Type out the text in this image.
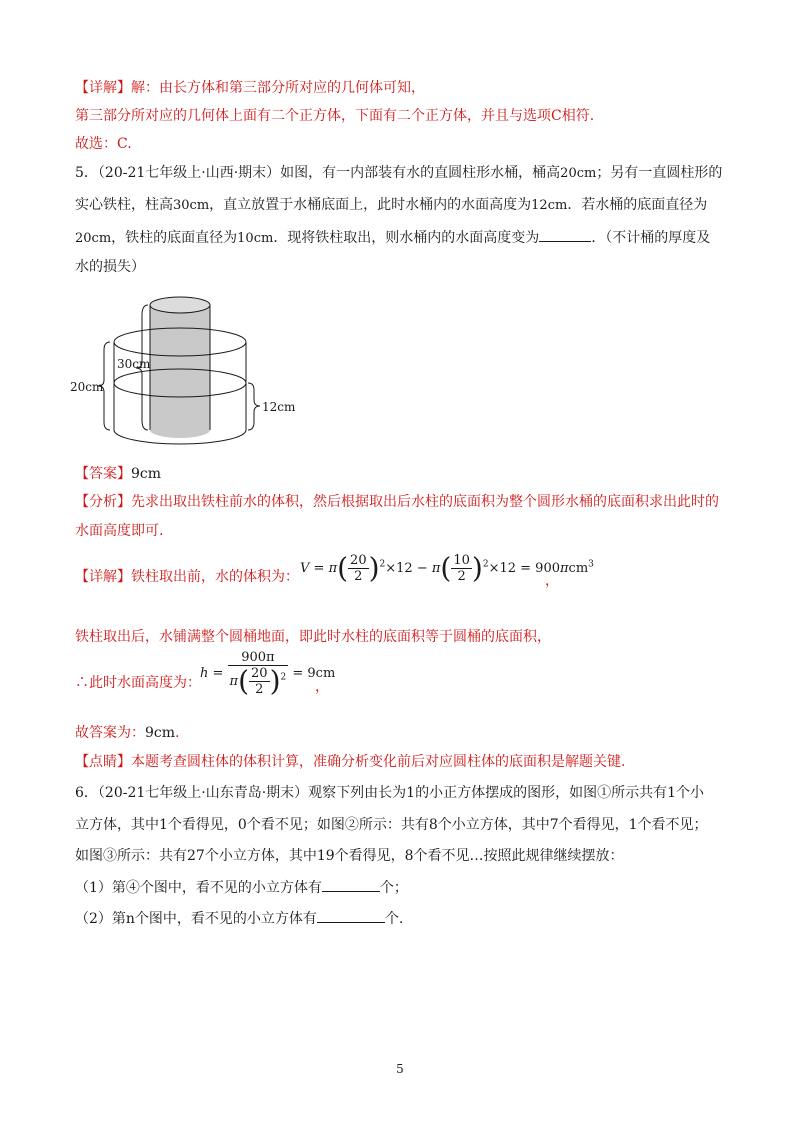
【详解】解：由长方体和第三部分所对应的几何体可知，
第三部分所对应的几何体上面有二个正方体，下面有二个正方体，并且与选项C相符.
故选：C.
5．（20-21七年级上·山西·期末）如图，有一内部装有水的直圆柱形水桶，桶高20cm；另有一直圆柱形的
实心铁柱，柱高30cm，直立放置于水桶底面上，此时水桶内的水面高度为12cm．若水桶的底面直径为
20cm，铁柱的底面直径为10cm．现将铁柱取出，则水桶内的水面高度变为	．（不计桶的厚度及
水的损失）
30cm
20cm
12cm
【答案】9cm
【分析】先求出取出铁柱前水的体积，然后根据取出后水柱的底面积为整个圆形水桶的底面积求出此时的
水面高度即可.
【详解】铁柱取出前，水的体积为：
$V = \pi( \frac{20}{2} )^2\times 12 - \pi( \frac{10}{2} )^2\times 12 = 900\pi cm^3$
，
铁柱取出后，水铺满整个圆桶地面，即此时水柱的底面积等于圆桶的底面积，
∴此时水面高度为：
$h = \frac{900\pi}{\pi( \frac{20}{2} )^2} = 9cm$
，
故答案为：9cm.
【点睛】本题考查圆柱体的体积计算，准确分析变化前后对应圆柱体的底面积是解题关键.
6．（20-21七年级上·山东青岛·期末）观察下列由长为1的小正方体摆成的图形，如图①所示共有1个小
立方体，其中1个看得见，0个看不见；如图②所示：共有8个小立方体，其中7个看得见，1个看不见；
如图③所示：共有27个小立方体，其中19个看得见，8个看不见…按照此规律继续摆放：
（1）第④个图中，看不见的小立方体有	个；
（2）第n个图中，看不见的小立方体有	个.
5
